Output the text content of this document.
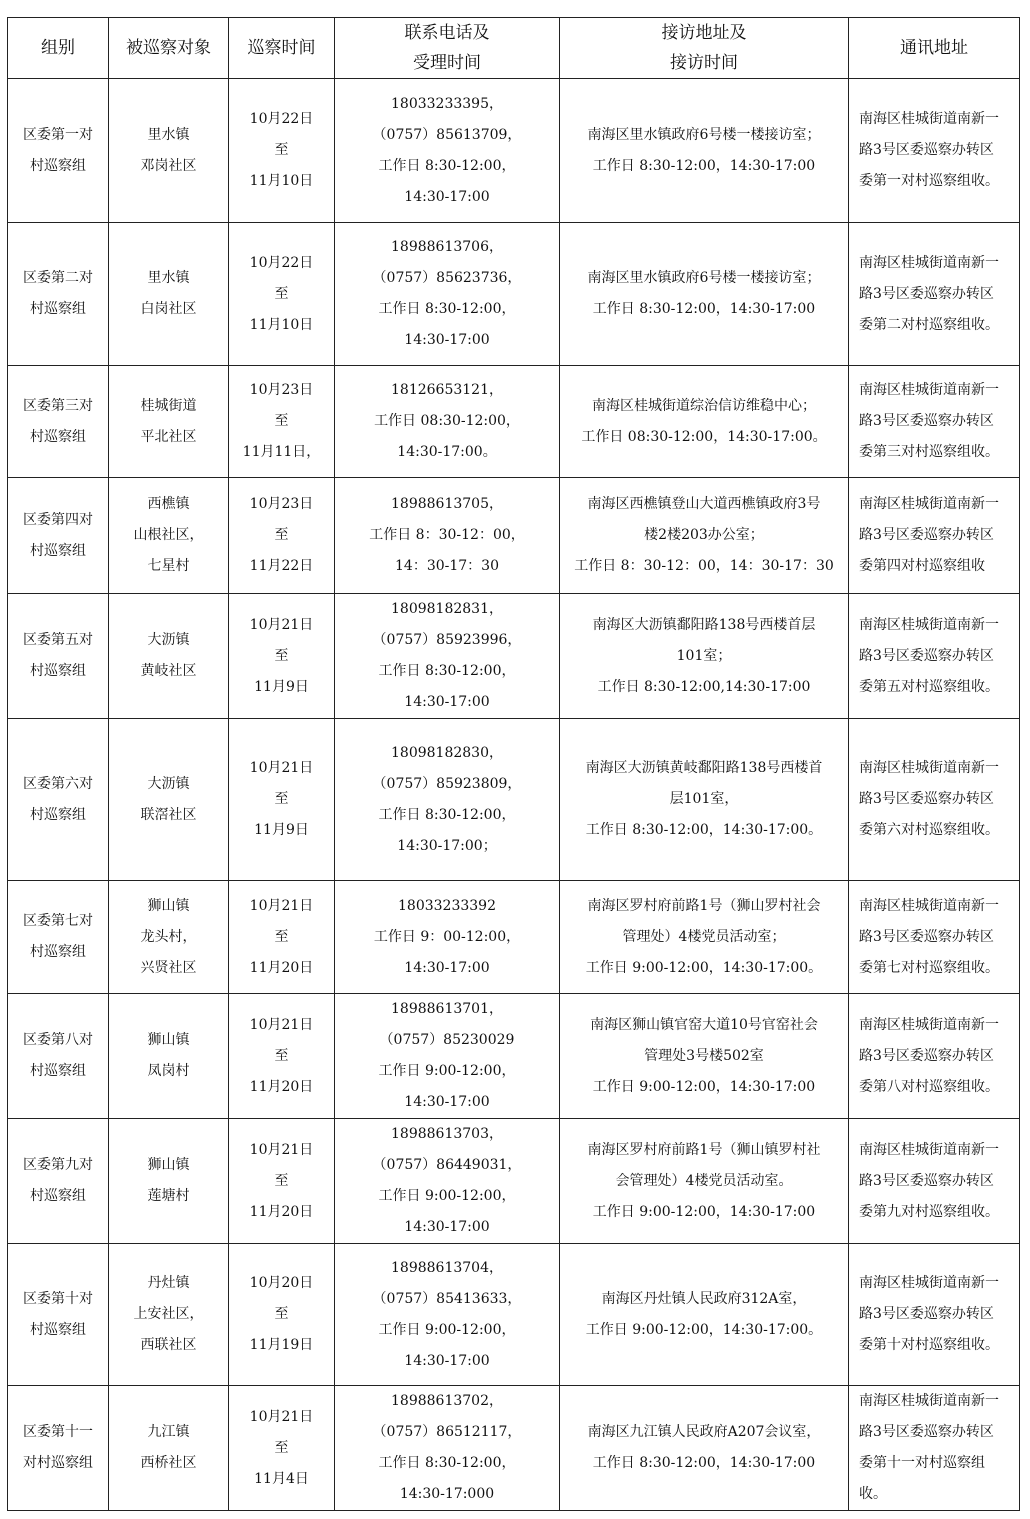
组别	被巡察对象	巡察时间	联系电话及
受理时间	接访地址及
接访时间	通讯地址

区委第一对
村巡察组	里水镇
邓岗社区	10月22日
至
11月10日	18033233395，
（0757）85613709，
工作日 8:30-12:00，
14:30-17:00	南海区里水镇政府6号楼一楼接访室；
工作日 8:30-12:00，14:30-17:00	南海区桂城街道南新一
路3号区委巡察办转区
委第一对村巡察组收。

区委第二对
村巡察组	里水镇
白岗社区	10月22日
至
11月10日	18988613706，
（0757）85623736，
工作日 8:30-12:00，
14:30-17:00	南海区里水镇政府6号楼一楼接访室；
工作日 8:30-12:00，14:30-17:00	南海区桂城街道南新一
路3号区委巡察办转区
委第二对村巡察组收。

区委第三对
村巡察组	桂城街道
平北社区	10月23日
至
11月11日，	18126653121，
工作日 08:30-12:00，
14:30-17:00。	南海区桂城街道综治信访维稳中心；
工作日 08:30-12:00，14:30-17:00。	南海区桂城街道南新一
路3号区委巡察办转区
委第三对村巡察组收。

区委第四对
村巡察组	西樵镇
山根社区，
七星村	10月23日
至
11月22日	18988613705，
工作日 8：30-12：00，
14：30-17：30	南海区西樵镇登山大道西樵镇政府3号
楼2楼203办公室；
工作日 8：30-12：00，14：30-17：30	南海区桂城街道南新一
路3号区委巡察办转区
委第四对村巡察组收

区委第五对
村巡察组	大沥镇
黄岐社区	10月21日
至
11月9日	18098182831，
（0757）85923996，
工作日 8:30-12:00，
14:30-17:00	南海区大沥镇鄱阳路138号西楼首层
101室；
工作日 8:30-12:00,14:30-17:00	南海区桂城街道南新一
路3号区委巡察办转区
委第五对村巡察组收。

区委第六对
村巡察组	大沥镇
联滘社区	10月21日
至
11月9日	18098182830，
（0757）85923809，
工作日 8:30-12:00，
14:30-17:00；	南海区大沥镇黄岐鄱阳路138号西楼首
层101室，
工作日 8:30-12:00，14:30-17:00。	南海区桂城街道南新一
路3号区委巡察办转区
委第六对村巡察组收。

区委第七对
村巡察组	狮山镇
龙头村，
兴贤社区	10月21日
至
11月20日	18033233392
工作日 9：00-12:00，
14:30-17:00	南海区罗村府前路1号（狮山罗村社会
管理处）4楼党员活动室；
工作日 9:00-12:00，14:30-17:00。	南海区桂城街道南新一
路3号区委巡察办转区
委第七对村巡察组收。

区委第八对
村巡察组	狮山镇
凤岗村	10月21日
至
11月20日	18988613701，
（0757）85230029
工作日 9:00-12:00，
14:30-17:00	南海区狮山镇官窑大道10号官窑社会
管理处3号楼502室
工作日 9:00-12:00，14:30-17:00	南海区桂城街道南新一
路3号区委巡察办转区
委第八对村巡察组收。

区委第九对
村巡察组	狮山镇
莲塘村	10月21日
至
11月20日	18988613703，
（0757）86449031，
工作日 9:00-12:00，
14:30-17:00	南海区罗村府前路1号（狮山镇罗村社
会管理处）4楼党员活动室。
工作日 9:00-12:00，14:30-17:00	南海区桂城街道南新一
路3号区委巡察办转区
委第九对村巡察组收。

区委第十对
村巡察组	丹灶镇
上安社区，
西联社区	10月20日
至
11月19日	18988613704，
（0757）85413633，
工作日 9:00-12:00，
14:30-17:00	南海区丹灶镇人民政府312A室，
工作日 9:00-12:00，14:30-17:00。	南海区桂城街道南新一
路3号区委巡察办转区
委第十对村巡察组收。

区委第十一
对村巡察组	九江镇
西桥社区	10月21日
至
11月4日	18988613702，
（0757）86512117，
工作日 8:30-12:00，
14:30-17:000	南海区九江镇人民政府A207会议室，
工作日 8:30-12:00，14:30-17:00	南海区桂城街道南新一
路3号区委巡察办转区
委第十一对村巡察组
收。
